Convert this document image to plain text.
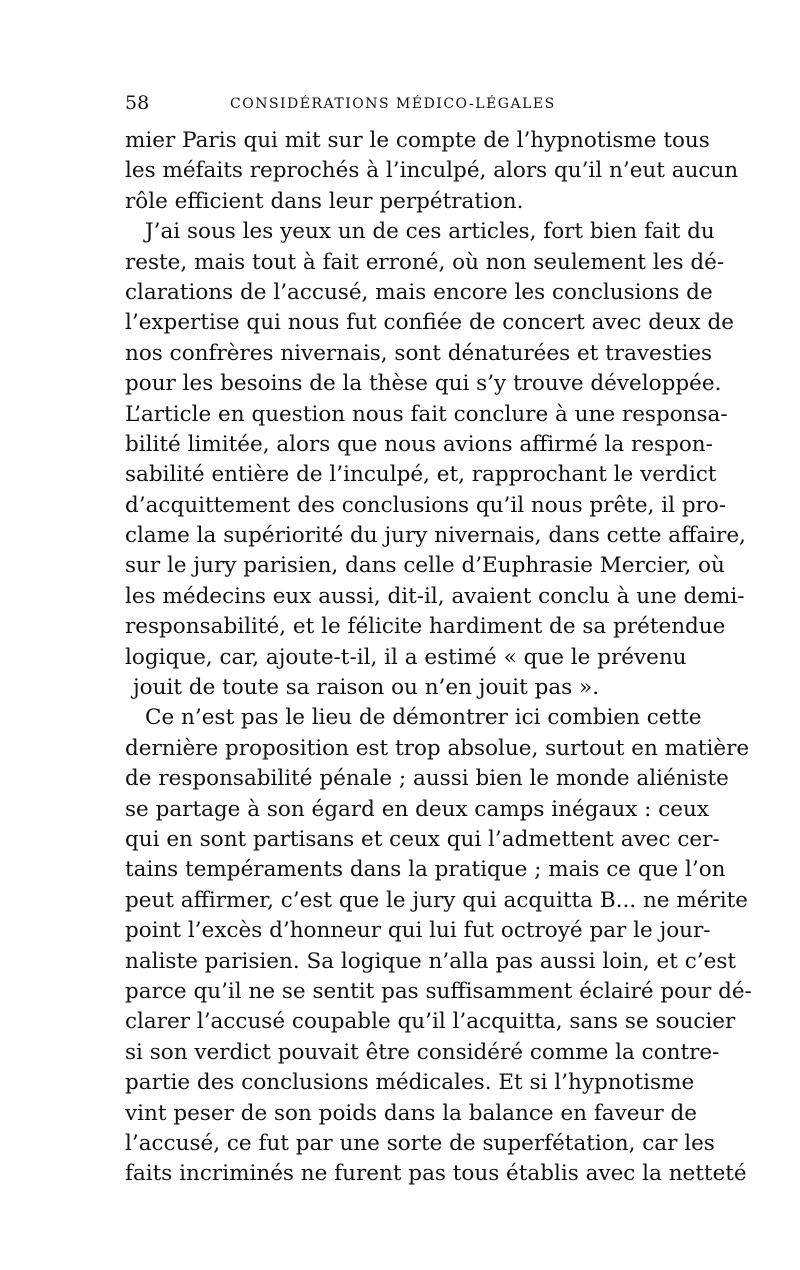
58	CONSIDÉRATIONS MÉDICO-LÉGALES
mier Paris qui mit sur le compte de l’hypnotisme tous
les méfaits reprochés à l’inculpé, alors qu’il n’eut aucun
rôle efficient dans leur perpétration.
J’ai sous les yeux un de ces articles, fort bien fait du
reste, mais tout à fait erroné, où non seulement les dé-
clarations de l’accusé, mais encore les conclusions de
l’expertise qui nous fut confiée de concert avec deux de
nos confrères nivernais, sont dénaturées et travesties
pour les besoins de la thèse qui s’y trouve développée.
L’article en question nous fait conclure à une responsa-
bilité limitée, alors que nous avions affirmé la respon-
sabilité entière de l’inculpé, et, rapprochant le verdict
d’acquittement des conclusions qu’il nous prête, il pro-
clame la supériorité du jury nivernais, dans cette affaire,
sur le jury parisien, dans celle d’Euphrasie Mercier, où
les médecins eux aussi, dit-il, avaient conclu à une demi-
responsabilité, et le félicite hardiment de sa prétendue
logique, car, ajoute-t-il, il a estimé « que le prévenu
jouit de toute sa raison ou n’en jouit pas ».
Ce n’est pas le lieu de démontrer ici combien cette
dernière proposition est trop absolue, surtout en matière
de responsabilité pénale ; aussi bien le monde aliéniste
se partage à son égard en deux camps inégaux : ceux
qui en sont partisans et ceux qui l’admettent avec cer-
tains tempéraments dans la pratique ; mais ce que l’on
peut affirmer, c’est que le jury qui acquitta B... ne mérite
point l’excès d’honneur qui lui fut octroyé par le jour-
naliste parisien. Sa logique n’alla pas aussi loin, et c’est
parce qu’il ne se sentit pas suffisamment éclairé pour dé-
clarer l’accusé coupable qu’il l’acquitta, sans se soucier
si son verdict pouvait être considéré comme la contre-
partie des conclusions médicales. Et si l’hypnotisme
vint peser de son poids dans la balance en faveur de
l’accusé, ce fut par une sorte de superfétation, car les
faits incriminés ne furent pas tous établis avec la netteté
